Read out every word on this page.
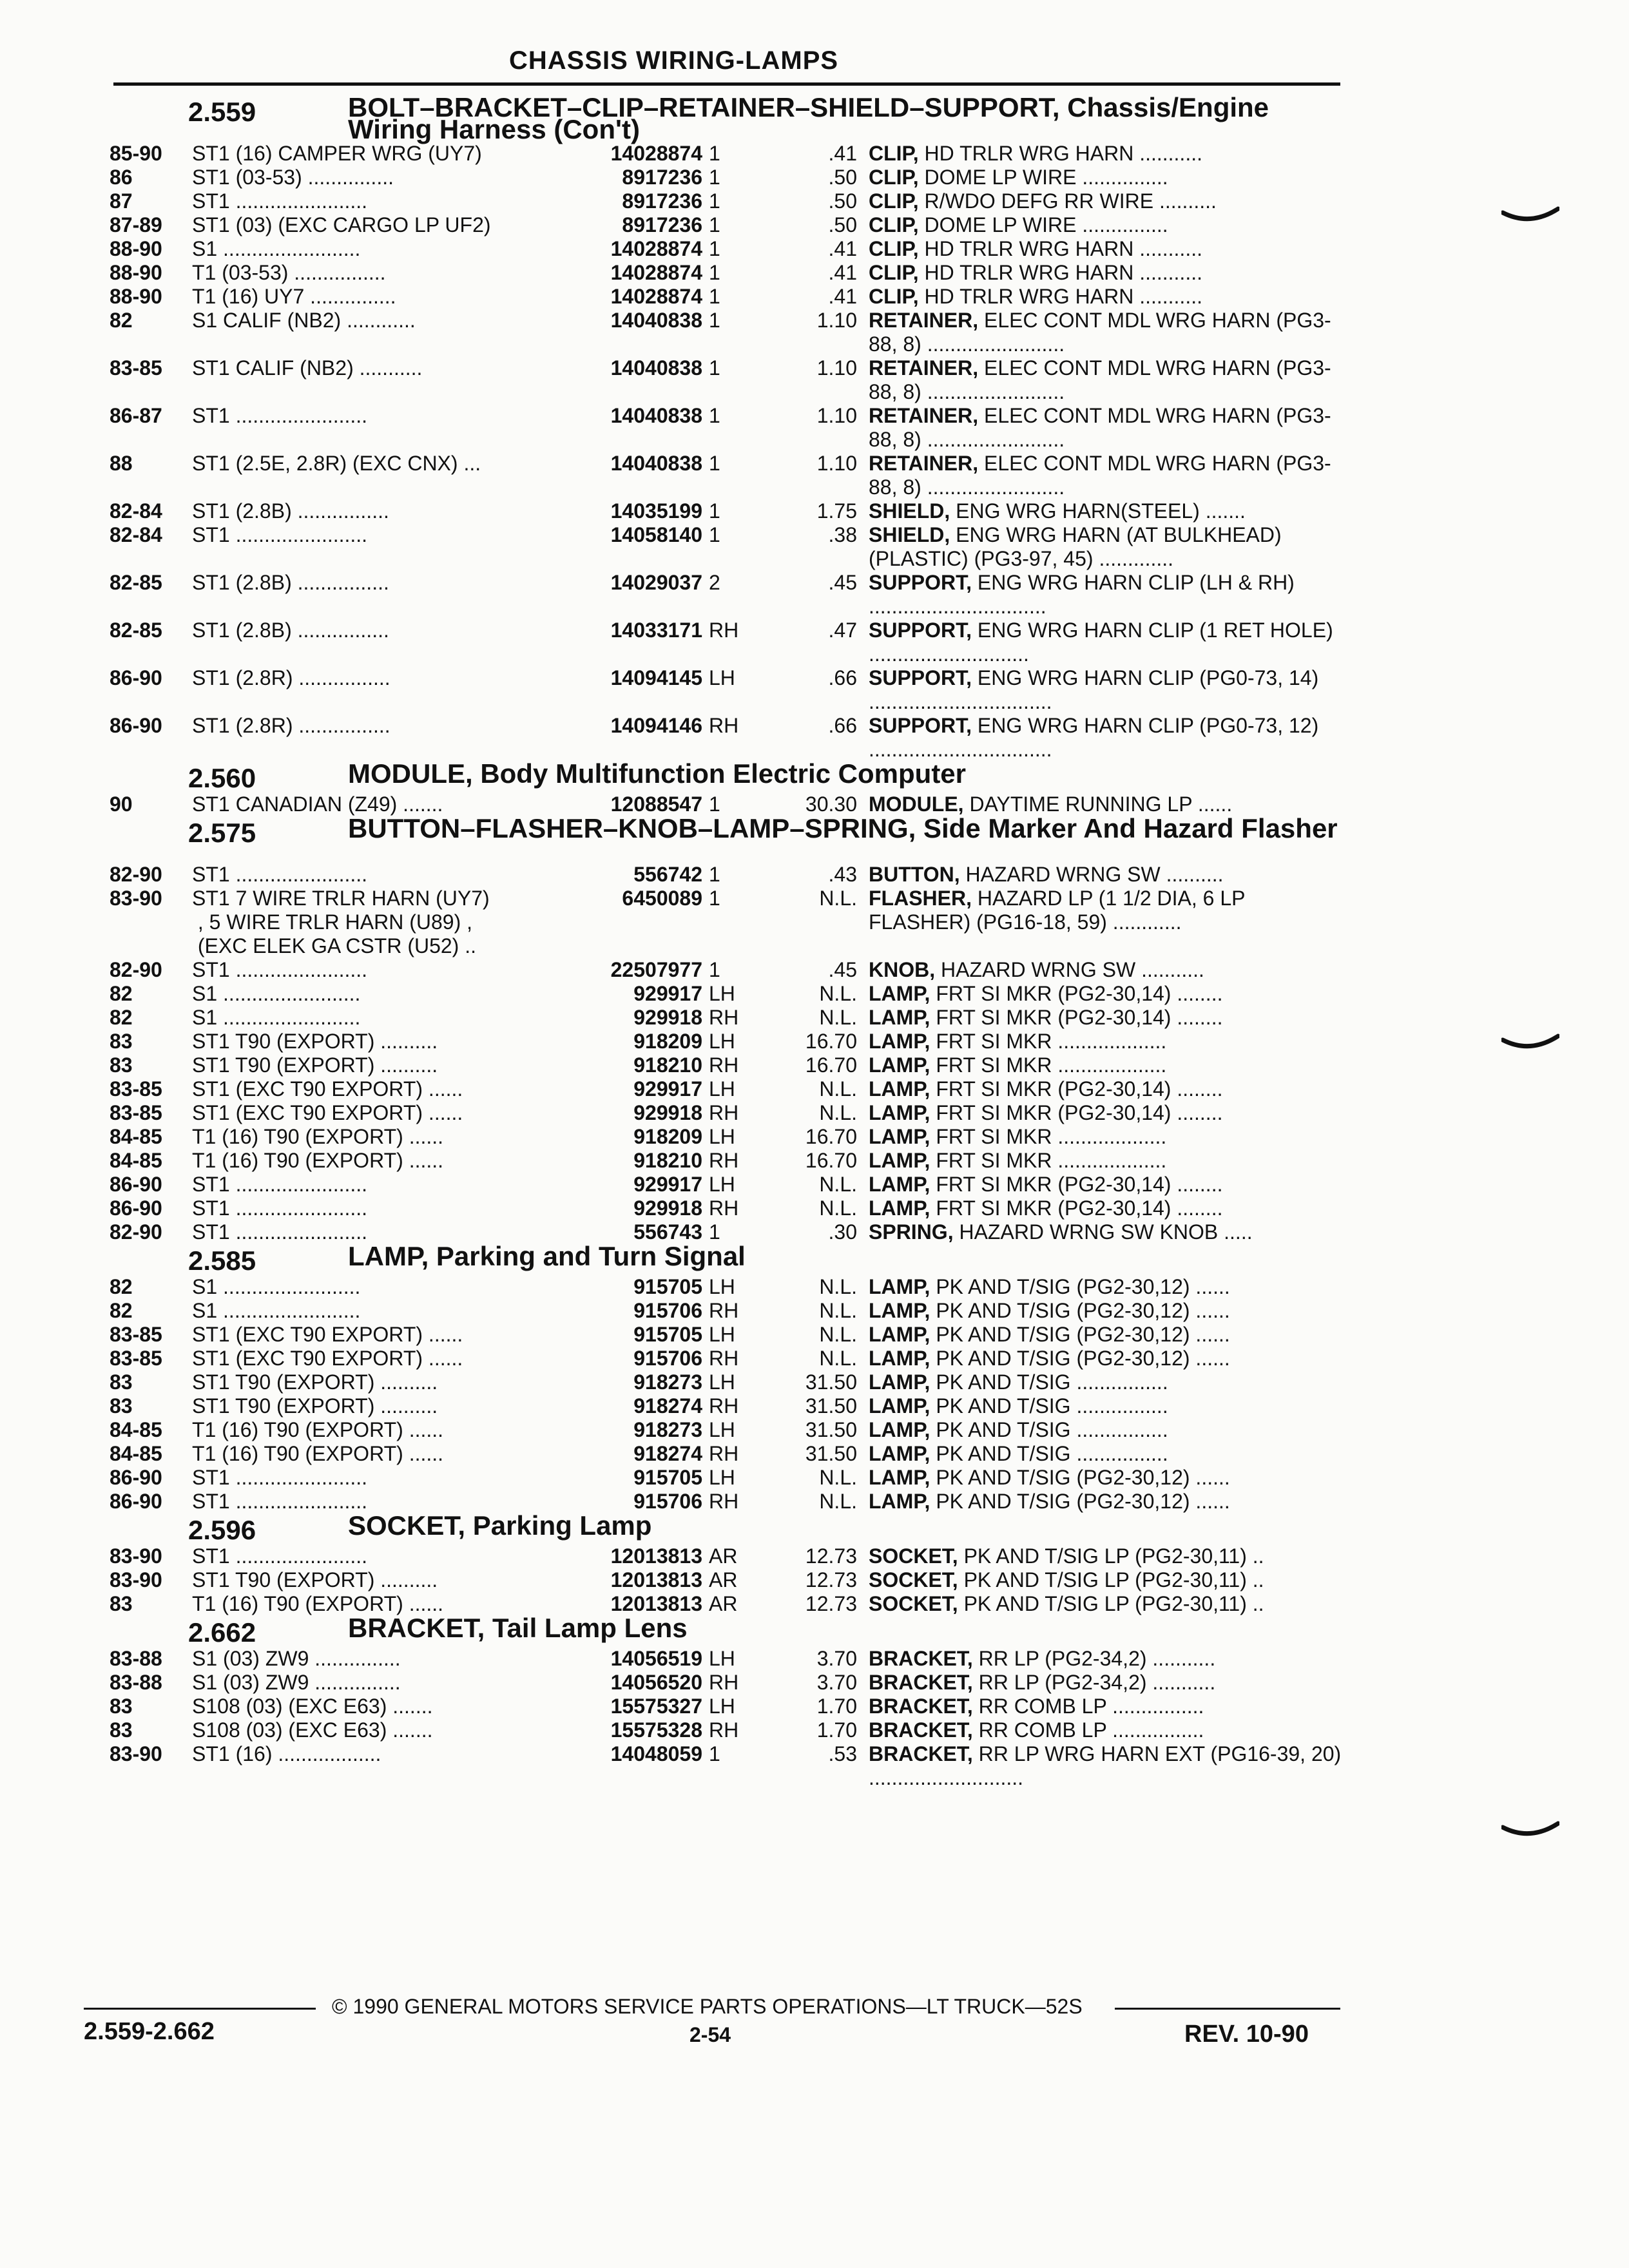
CHASSIS WIRING-LAMPS
2.559	BOLT–BRACKET–CLIP–RETAINER–SHIELD–SUPPORT, Chassis/Engine Wiring Harness (Con't)
85-90	ST1 (16) CAMPER WRG (UY7)	14028874 1	.41 CLIP, HD TRLR WRG HARN ...........
86	ST1 (03-53) ...............	8917236 1	.50 CLIP, DOME LP WIRE ...............
87	ST1 .......................	8917236 1	.50 CLIP, R/WDO DEFG RR WIRE ..........
87-89	ST1 (03) (EXC CARGO LP UF2)	8917236 1	.50 CLIP, DOME LP WIRE ...............
88-90	S1 ........................	14028874 1	.41 CLIP, HD TRLR WRG HARN ...........
88-90	T1 (03-53) ................	14028874 1	.41 CLIP, HD TRLR WRG HARN ...........
88-90	T1 (16) UY7 ...............	14028874 1	.41 CLIP, HD TRLR WRG HARN ...........
82	S1 CALIF (NB2) ............	14040838 1	1.10 RETAINER, ELEC CONT MDL WRG HARN (PG3-88, 8) ........................
83-85	ST1 CALIF (NB2) ...........	14040838 1	1.10 RETAINER, ELEC CONT MDL WRG HARN (PG3-88, 8) ........................
86-87	ST1 .......................	14040838 1	1.10 RETAINER, ELEC CONT MDL WRG HARN (PG3-88, 8) ........................
88	ST1 (2.5E, 2.8R) (EXC CNX) ...	14040838 1	1.10 RETAINER, ELEC CONT MDL WRG HARN (PG3-88, 8) ........................
82-84	ST1 (2.8B) ................	14035199 1	1.75 SHIELD, ENG WRG HARN(STEEL) .......
82-84	ST1 .......................	14058140 1	.38 SHIELD, ENG WRG HARN (AT BULKHEAD) (PLASTIC) (PG3-97, 45) .............
82-85	ST1 (2.8B) ................	14029037 2	.45 SUPPORT, ENG WRG HARN CLIP (LH & RH) ...............................
82-85	ST1 (2.8B) ................	14033171 RH	.47 SUPPORT, ENG WRG HARN CLIP (1 RET HOLE) ............................
86-90	ST1 (2.8R) ................	14094145 LH	.66 SUPPORT, ENG WRG HARN CLIP (PG0-73, 14) ................................
86-90	ST1 (2.8R) ................	14094146 RH	.66 SUPPORT, ENG WRG HARN CLIP (PG0-73, 12) ................................
2.560	MODULE, Body Multifunction Electric Computer
90	ST1 CANADIAN (Z49) .......	12088547 1	30.30 MODULE, DAYTIME RUNNING LP ......
2.575	BUTTON–FLASHER–KNOB–LAMP–SPRING, Side Marker And Hazard Flasher
82-90	ST1 .......................	556742 1	.43 BUTTON, HAZARD WRNG SW ..........
83-90	ST1 7 WIRE TRLR HARN (UY7)
, 5 WIRE TRLR HARN (U89) ,
(EXC ELEK GA CSTR (U52) ..
6450089 1	N.L. FLASHER, HAZARD LP (1 1/2 DIA, 6 LP FLASHER) (PG16-18, 59) ............
82-90	ST1 .......................	22507977 1	.45 KNOB, HAZARD WRNG SW ...........
82	S1 ........................	929917 LH	N.L. LAMP, FRT SI MKR (PG2-30,14) ........
82	S1 ........................	929918 RH	N.L. LAMP, FRT SI MKR (PG2-30,14) ........
83	ST1 T90 (EXPORT) ..........	918209 LH	16.70 LAMP, FRT SI MKR ...................
83	ST1 T90 (EXPORT) ..........	918210 RH	16.70 LAMP, FRT SI MKR ...................
83-85	ST1 (EXC T90 EXPORT) ......	929917 LH	N.L. LAMP, FRT SI MKR (PG2-30,14) ........
83-85	ST1 (EXC T90 EXPORT) ......	929918 RH	N.L. LAMP, FRT SI MKR (PG2-30,14) ........
84-85	T1 (16) T90 (EXPORT) ......	918209 LH	16.70 LAMP, FRT SI MKR ...................
84-85	T1 (16) T90 (EXPORT) ......	918210 RH	16.70 LAMP, FRT SI MKR ...................
86-90	ST1 .......................	929917 LH	N.L. LAMP, FRT SI MKR (PG2-30,14) ........
86-90	ST1 .......................	929918 RH	N.L. LAMP, FRT SI MKR (PG2-30,14) ........
82-90	ST1 .......................	556743 1	.30 SPRING, HAZARD WRNG SW KNOB .....
2.585	LAMP, Parking and Turn Signal
82	S1 ........................	915705 LH	N.L. LAMP, PK AND T/SIG (PG2-30,12) ......
82	S1 ........................	915706 RH	N.L. LAMP, PK AND T/SIG (PG2-30,12) ......
83-85	ST1 (EXC T90 EXPORT) ......	915705 LH	N.L. LAMP, PK AND T/SIG (PG2-30,12) ......
83-85	ST1 (EXC T90 EXPORT) ......	915706 RH	N.L. LAMP, PK AND T/SIG (PG2-30,12) ......
83	ST1 T90 (EXPORT) ..........	918273 LH	31.50 LAMP, PK AND T/SIG ................
83	ST1 T90 (EXPORT) ..........	918274 RH	31.50 LAMP, PK AND T/SIG ................
84-85	T1 (16) T90 (EXPORT) ......	918273 LH	31.50 LAMP, PK AND T/SIG ................
84-85	T1 (16) T90 (EXPORT) ......	918274 RH	31.50 LAMP, PK AND T/SIG ................
86-90	ST1 .......................	915705 LH	N.L. LAMP, PK AND T/SIG (PG2-30,12) ......
86-90	ST1 .......................	915706 RH	N.L. LAMP, PK AND T/SIG (PG2-30,12) ......
2.596	SOCKET, Parking Lamp
83-90	ST1 .......................	12013813 AR	12.73 SOCKET, PK AND T/SIG LP (PG2-30,11) ..
83-90	ST1 T90 (EXPORT) ..........	12013813 AR	12.73 SOCKET, PK AND T/SIG LP (PG2-30,11) ..
83	T1 (16) T90 (EXPORT) ......	12013813 AR	12.73 SOCKET, PK AND T/SIG LP (PG2-30,11) ..
2.662	BRACKET, Tail Lamp Lens
83-88	S1 (03) ZW9 ...............	14056519 LH	3.70 BRACKET, RR LP (PG2-34,2) ...........
83-88	S1 (03) ZW9 ...............	14056520 RH	3.70 BRACKET, RR LP (PG2-34,2) ...........
83	S108 (03) (EXC E63) .......	15575327 LH	1.70 BRACKET, RR COMB LP ................
83	S108 (03) (EXC E63) .......	15575328 RH	1.70 BRACKET, RR COMB LP ................
83-90	ST1 (16) ..................	14048059 1	.53 BRACKET, RR LP WRG HARN EXT (PG16-39, 20) ...........................
© 1990 GENERAL MOTORS SERVICE PARTS OPERATIONS—LT TRUCK—52S
2.559-2.662	2-54	REV. 10-90
